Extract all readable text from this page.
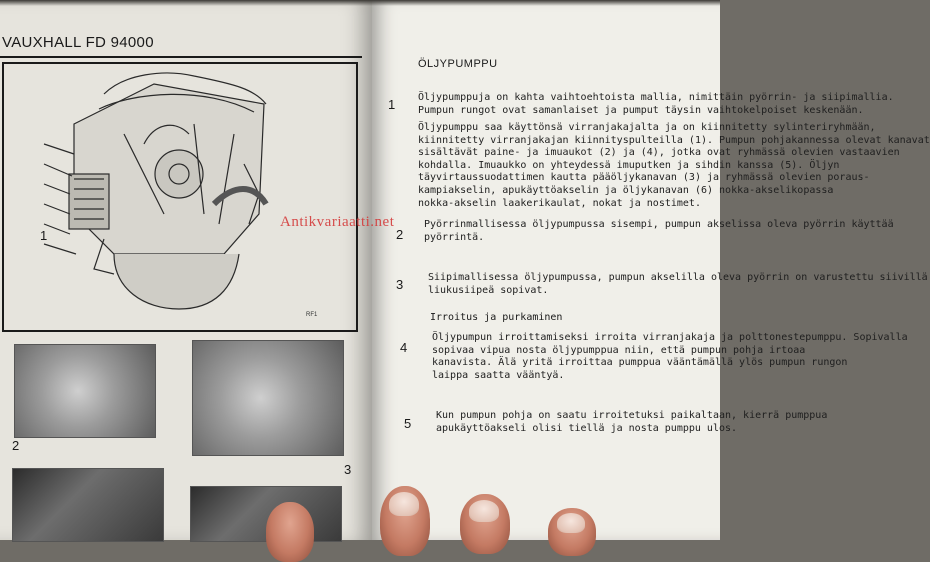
VAUXHALL FD 94000
1
RF1
2
3
ÖLJYPUMPPU
1 Öljypumppuja on kahta vaihtoehtoista mallia, nimittäin pyörrin- ja siipimallia.
Pumpun rungot ovat samanlaiset ja pumput täysin vaihtokelpoiset keskenään.
Öljypumppu saa käyttönsä virranjakajalta ja on kiinnitetty sylinteriryhmään,
kiinnitetty virranjakajan kiinnityspulteilla (1). Pumpun pohjakannessa olevat kanavat
sisältävät paine- ja imuaukot (2) ja (4), jotka ovat ryhmässä olevien vastaavien
kohdalla. Imuaukko on yhteydessä imuputken ja sihdin kanssa (5). Öljyn
täyvirtaussuodattimen kautta pääöljykanavan (3) ja ryhmässä olevien poraus-
kampiakselin, apukäyttöakselin ja öljykanavan (6) nokka-akselikopassa
nokka-akselin laakerikaulat, nokat ja nostimet.
2
Pyörrinmallisessa öljypumpussa sisempi, pumpun akselissa oleva pyörrin käyttää
pyörrintä.
3 Siipimallisessa öljypumpussa, pumpun akselilla oleva pyörrin on varustettu siivillä
liukusiipeä sopivat.
Irroitus ja purkaminen
4
Öljypumpun irroittamiseksi irroita virranjakaja ja polttonestepumppu. Sopivalla
sopivaa vipua nosta öljypumppua niin, että pumpun pohja irtoaa
kanavista. Älä yritä irroittaa pumppua vääntämällä ylös pumpun rungon
laippa saatta vääntyä.
5
Kun pumpun pohja on saatu irroitetuksi paikaltaan, kierrä pumppua
apukäyttöakseli olisi tiellä ja nosta pumppu ulos.
Antikvariaatti.net
